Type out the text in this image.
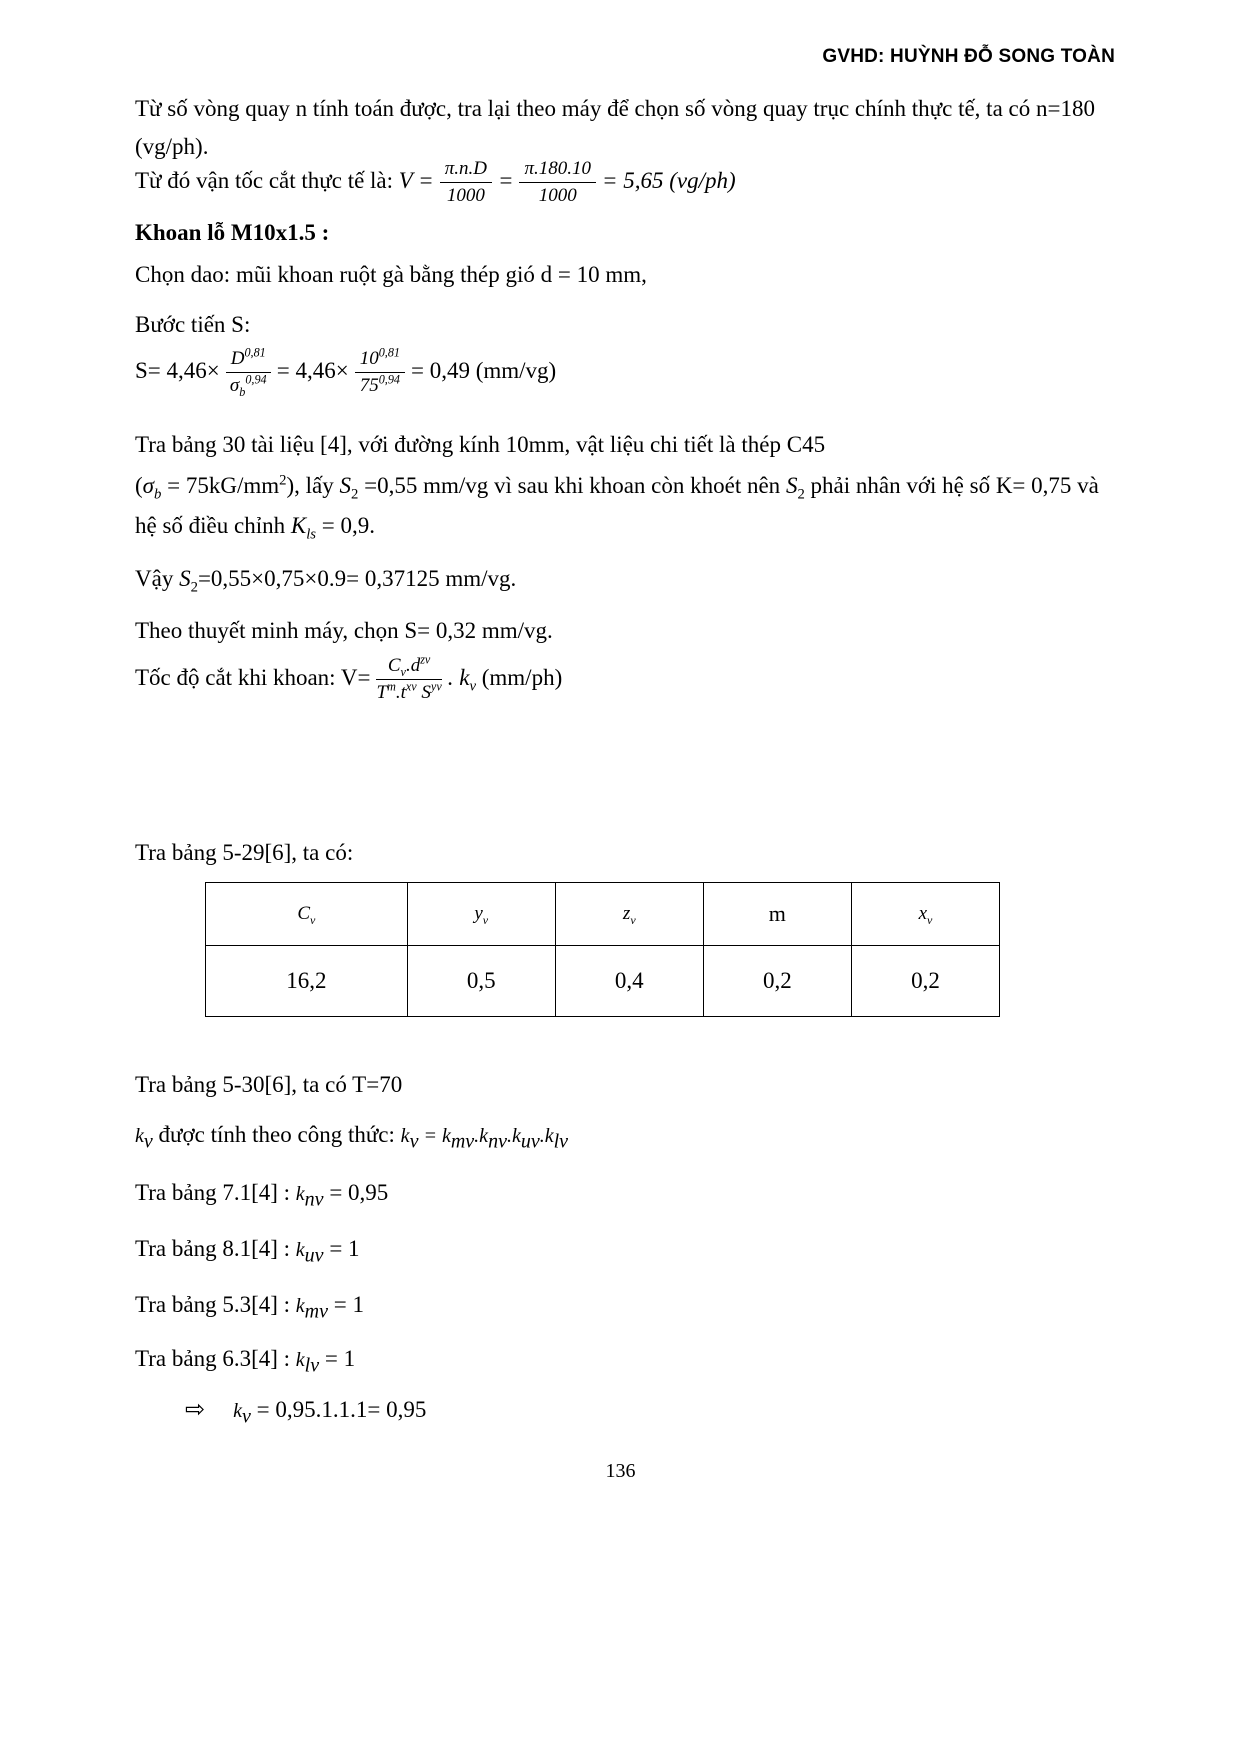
GVHD: HUỲNH ĐỖ SONG TOÀN
Từ số vòng quay n tính toán được, tra lại theo máy để chọn số vòng quay trục chính thực tế, ta có n=180 (vg/ph).
Từ đó vận tốc cắt thực tế là: $V = \frac{\pi.n.D}{1000} = \frac{\pi.180.10}{1000} = 5,65$ (vg/ph)
Khoan lỗ M10x1.5 :
Chọn dao: mũi khoan ruột gà bằng thép gió d = 10 mm,
Bước tiến S:
$S= 4,46\times \frac{D^{0,81}}{\sigma_b^{0,94}} = 4,46\times \frac{10^{0,81}}{75^{0,94}} = 0,49$ (mm/vg)
Tra bảng 30 tài liệu [4], với đường kính 10mm, vật liệu chi tiết là thép C45
$(\sigma_b = 75kG/mm^2)$, lấy $S_2 =0,55$ mm/vg vì sau khi khoan còn khoét nên $S_2$ phải nhân với hệ số K= 0,75 và hệ số điều chỉnh $K_{ls} = 0,9$.
Vậy $S_2=0,55\times 0,75\times 0.9= 0,37125$ mm/vg.
Theo thuyết minh máy, chọn S= 0,32 mm/vg.
Tốc độ cắt khi khoan: $V= \frac{C_v.d^{zv}}{T^m.t^{xv} S^{yv}}$ . $k_v$ (mm/ph)
Tra bảng 5-29[6], ta có:
$C_v$	$y_v$	$z_v$	m	$x_v$
16,2	0,5	0,4	0,2	0,2
Tra bảng 5-30[6], ta có T=70
$k_v$ được tính theo công thức: $k_v = k_{mv}.k_{nv}.k_{uv}.k_{lv}$
Tra bảng 7.1[4] : $k_{nv} = 0,95$
Tra bảng 8.1[4] : $k_{uv} = 1$
Tra bảng 5.3[4] : $k_{mv} = 1$
Tra bảng 6.3[4] : $k_{lv} = 1$
⇨ $k_v = 0,95.1.1.1= 0,95$
136
